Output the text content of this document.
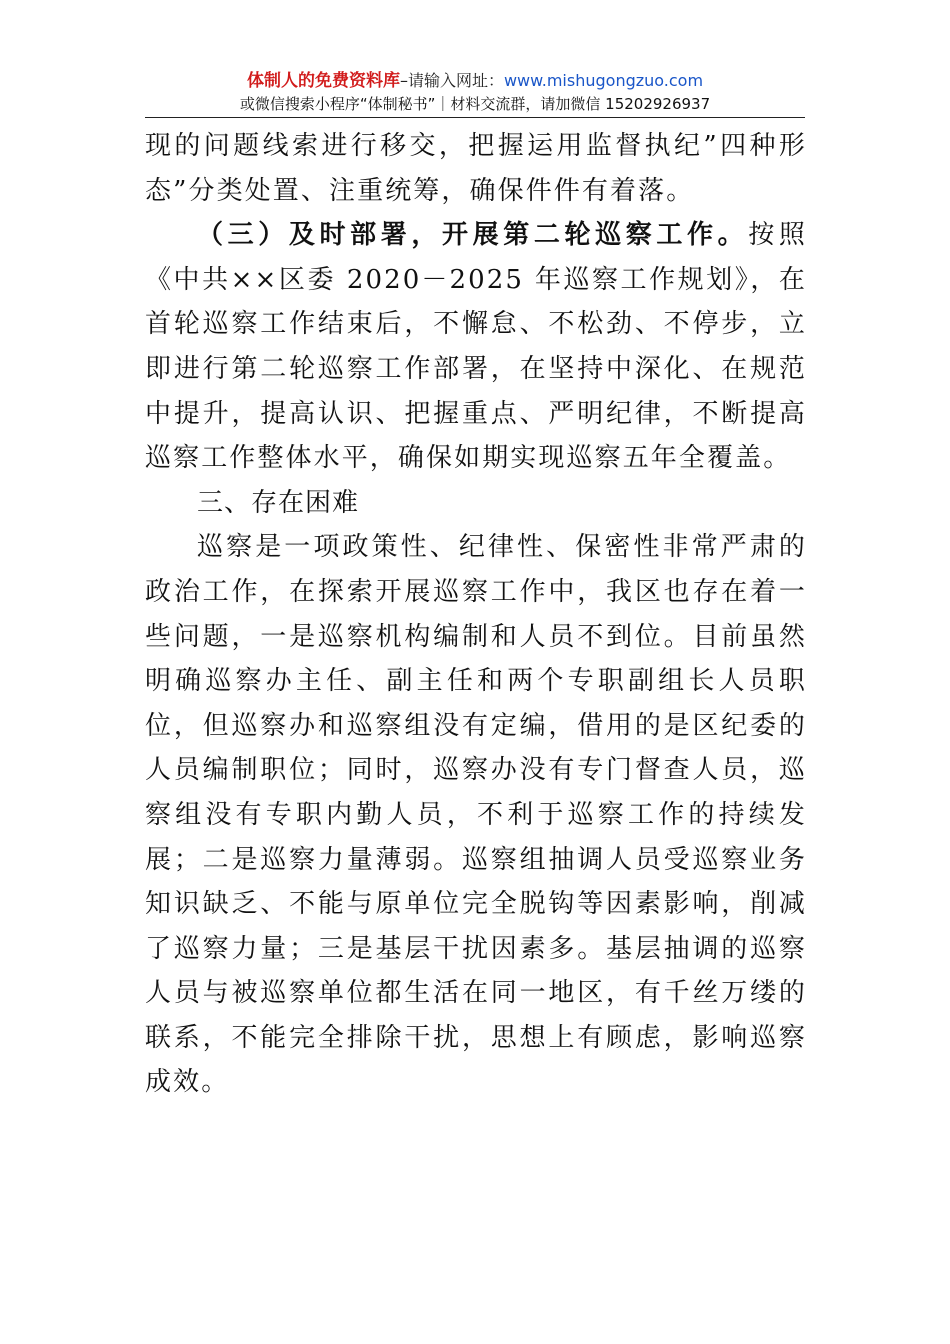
体制人的免费资料库–请输入网址：www.mishugongzuo.com
或微信搜索小程序“体制秘书”｜材料交流群，请加微信 15202926937

现的问题线索进行移交，把握运用监督执纪”四种形态”分类处置、注重统筹，确保件件有着落。

（三）及时部署，开展第二轮巡察工作。按照《中共××区委 2020－2025 年巡察工作规划》，在首轮巡察工作结束后，不懈怠、不松劲、不停步，立即进行第二轮巡察工作部署，在坚持中深化、在规范中提升，提高认识、把握重点、严明纪律，不断提高巡察工作整体水平，确保如期实现巡察五年全覆盖。

三、存在困难

巡察是一项政策性、纪律性、保密性非常严肃的政治工作，在探索开展巡察工作中，我区也存在着一些问题，一是巡察机构编制和人员不到位。目前虽然明确巡察办主任、副主任和两个专职副组长人员职位，但巡察办和巡察组没有定编，借用的是区纪委的人员编制职位；同时，巡察办没有专门督查人员，巡察组没有专职内勤人员，不利于巡察工作的持续发展；二是巡察力量薄弱。巡察组抽调人员受巡察业务知识缺乏、不能与原单位完全脱钩等因素影响，削减了巡察力量；三是基层干扰因素多。基层抽调的巡察人员与被巡察单位都生活在同一地区，有千丝万缕的联系，不能完全排除干扰，思想上有顾虑，影响巡察成效。
